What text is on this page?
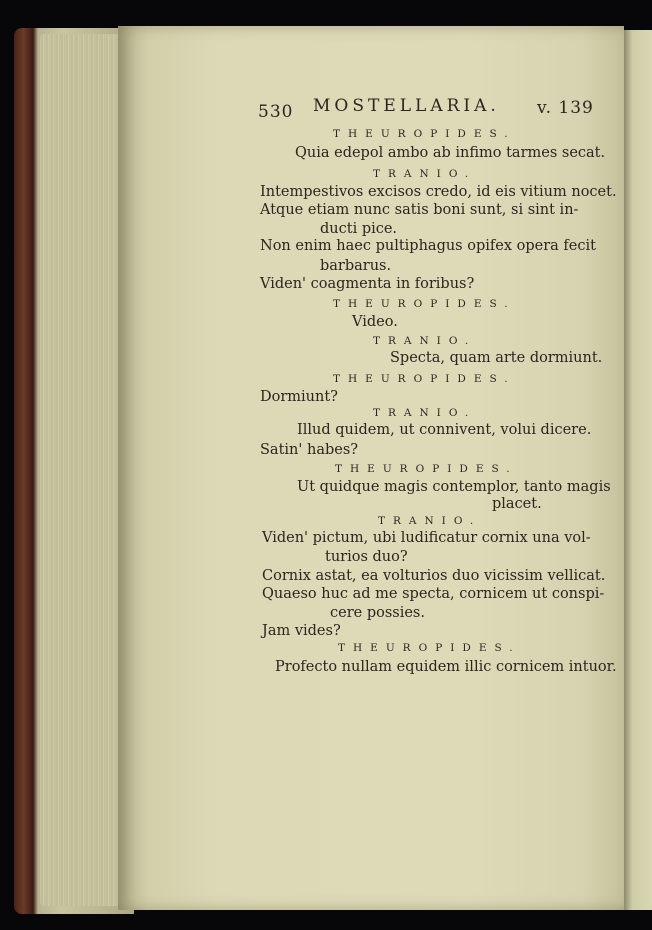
530 MOSTELLARIA. v. 139
THEUROPIDES.
Quia edepol ambo ab infimo tarmes secat.
TRANIO.
Intempestivos excisos credo, id eis vitium nocet.
Atque etiam nunc satis boni sunt, si sint in-
ducti pice.
Non enim haec pultiphagus opifex opera fecit
barbarus.
Viden' coagmenta in foribus?
THEUROPIDES.
Video.
TRANIO.
Specta, quam arte dormiunt.
THEUROPIDES.
Dormiunt?
TRANIO.
Illud quidem, ut connivent, volui dicere.
Satin' habes?
THEUROPIDES.
Ut quidque magis contemplor, tanto magis
placet.
TRANIO.
Viden' pictum, ubi ludificatur cornix una vol-
turios duo?
Cornix astat, ea volturios duo vicissim vellicat.
Quaeso huc ad me specta, cornicem ut conspi-
cere possies.
Jam vides?
THEUROPIDES.
Profecto nullam equidem illic cornicem intuor.
